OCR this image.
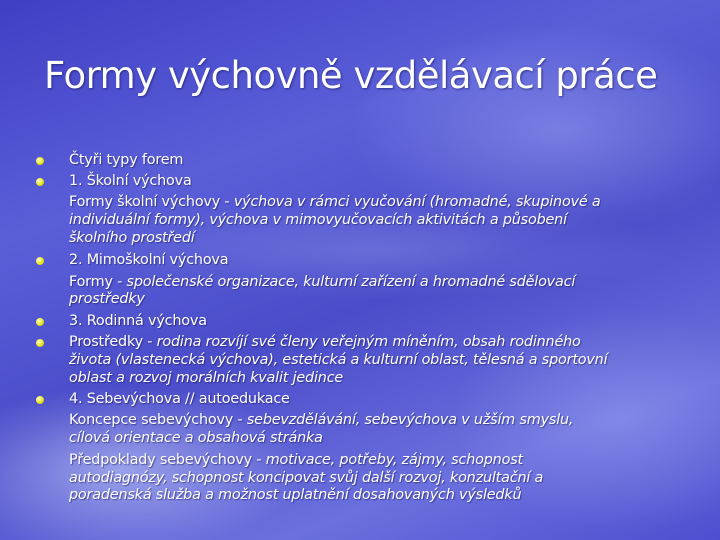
Formy výchovně vzdělávací práce
Čtyři typy forem
1. Školní výchova
Formy školní výchovy - výchova v rámci vyučování (hromadné, skupinové a
individuální formy), výchova v mimovyučovacích aktivitách a působení
školního prostředí
2. Mimoškolní výchova
Formy - společenské organizace, kulturní zařízení a hromadné sdělovací
prostředky
3. Rodinná výchova
Prostředky - rodina rozvíjí své členy veřejným míněním, obsah rodinného
života (vlastenecká výchova), estetická a kulturní oblast, tělesná a sportovní
oblast a rozvoj morálních kvalit jedince
4. Sebevýchova // autoedukace
Koncepce sebevýchovy - sebevzdělávání, sebevýchova v užším smyslu,
cílová orientace a obsahová stránka
Předpoklady sebevýchovy - motivace, potřeby, zájmy, schopnost
autodiagnózy, schopnost koncipovat svůj další rozvoj, konzultační a
poradenská služba a možnost uplatnění dosahovaných výsledků
